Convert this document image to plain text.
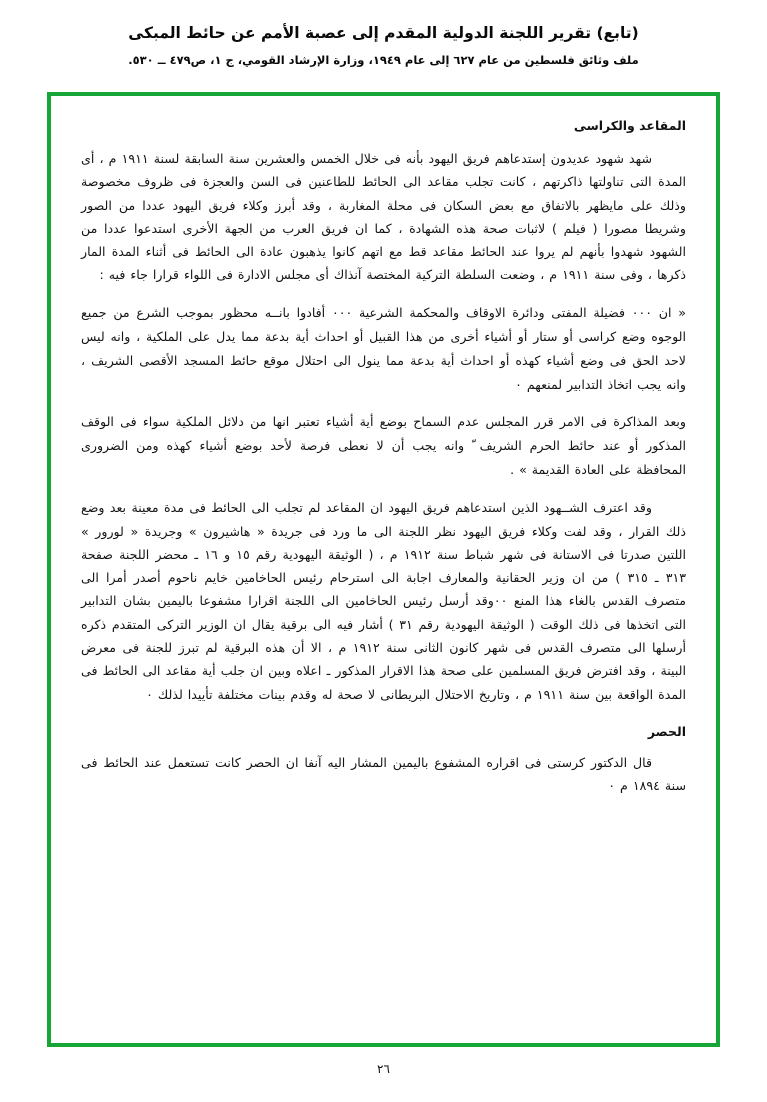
(تابع) تقرير اللجنة الدولية المقدم إلى عصبة الأمم عن حائط المبكى
ملف وثائق فلسطين من عام ٦٢٧ إلى عام ١٩٤٩، وزارة الإرشاد القومي، ج ١، ص٤٧٩ ــ ٥٣٠.
المقاعد والكراسى

شهد شهود عديدون إستدعاهم فريق اليهود بأنه فى خلال الخمس والعشرين سنة السابقة لسنة ١٩١١ م ، أى المدة التى تناولتها ذاكرتهم ، كانت تجلب مقاعد الى الحائط للطاعنين فى السن والعجزة فى ظروف مخصوصة وذلك على مايظهر بالاتفاق مع بعض السكان فى محلة المغاربة ، وقد أبرز وكلاء فريق اليهود عددا من الصور وشريطا مصورا ( فيلم ) لاثبات صحة هذه الشهادة ، كما ان فريق العرب من الجهة الأخرى استدعوا عددا من الشهود شهدوا بأنهم لم يروا عند الحائط مقاعد قط مع اتهم كانوا يذهبون عادة الى الحائط فى أثناء المدة المار ذكرها ، وفى سنة ١٩١١ م ، وضعت السلطة التركية المختصة آنذاك أى مجلس الادارة فى اللواء قرارا جاء فيه :

« ان ٠٠٠ فضيلة المفتى ودائرة الاوقاف والمحكمة الشرعية ٠٠٠ أفادوا بانــه محظور بموجب الشرع من جميع الوجوه وضع كراسى أو ستار أو أشياء أخرى من هذا القبيل أو احداث أية بدعة مما يدل على الملكية ، وانه ليس لاحد الحق فى وضع أشياء كهذه أو احداث أية بدعة مما ينول الى احتلال موقع حائط المسجد الأقصى الشريف ، وانه يجب اتخاذ التدابير لمنعهم ٠

وبعد المذاكرة فى الامر قرر المجلس عدم السماح بوضع أية أشياء تعتبر انها من دلائل الملكية سواء فى الوقف المذكور أو عند حائط الحرم الشريف ّ وانه يجب أن لا نعطى فرصة لأحد بوضع أشياء كهذه ومن الضرورى المحافظة على العادة القديمة » .

وقد اعترف الشــهود الذين استدعاهم فريق اليهود ان المقاعد لم تجلب الى الحائط فى مدة معينة بعد وضع ذلك القرار ، وقد لفت وكلاء فريق اليهود نظر اللجنة الى ما ورد فى جريدة « هاشيرون » وجريدة « لورور » اللتين صدرتا فى الاستانة فى شهر شباط سنة ١٩١٢ م ، ( الوثيقة اليهودية رقم ١٥ و ١٦ ـ محضر اللجنة صفحة ٣١٣ ـ ٣١٥ ) من ان وزير الحقانية والمعارف اجابة الى استرحام رئيس الحاخامين خايم ناحوم أصدر أمرا الى متصرف القدس بالغاء هذا المنع ٠٠وقد أرسل رئيس الحاخامين الى اللجنة اقرارا مشفوعا باليمين بشان التدابير التى اتخذها فى ذلك الوقت ( الوثيقة اليهودية رقم ٣١ ) أشار فيه الى برقية يقال ان الوزير التركى المتقدم ذكره أرسلها الى متصرف القدس فى شهر كانون الثانى سنة ١٩١٢ م ، الا أن هذه البرقية لم تبرز للجنة فى معرض البينة ، وقد افترض فريق المسلمين على صحة هذا الاقرار المذكور ـ اعلاه وبين ان جلب أية مقاعد الى الحائط فى المدة الواقعة بين سنة ١٩١١ م ، وتاريخ الاحتلال البريطانى لا صحة له وقدم بينات مختلفة تأييدا لذلك ٠

الحصر

قال الدكتور كرستى فى اقراره المشفوع باليمين المشار اليه آنفا ان الحصر كانت تستعمل عند الحائط فى سنة ١٨٩٤ م ٠

٢٦
